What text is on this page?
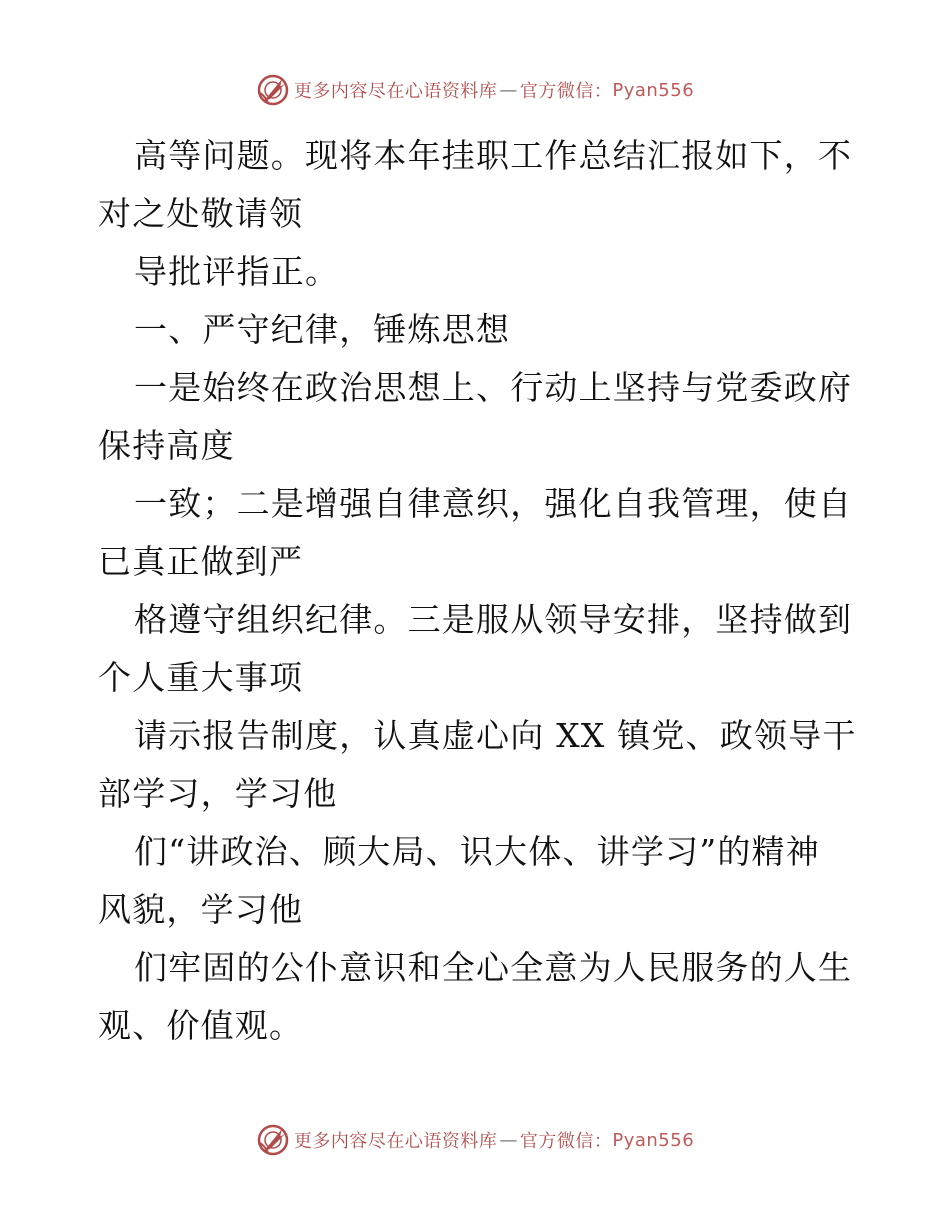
更多内容尽在心语资料库 — 官方微信： Pyan556

高等问题。现将本年挂职工作总结汇报如下，不
对之处敬请领

导批评指正。

一、严守纪律，锤炼思想

一是始终在政治思想上、行动上坚持与党委政府
保持高度

一致；二是增强自律意织，强化自我管理，使自
已真正做到严

格遵守组织纪律。三是服从领导安排，坚持做到
个人重大事项

请示报告制度，认真虚心向 XX 镇党、政领导干
部学习，学习他

们“讲政治、顾大局、识大体、讲学习”的精神
风貌，学习他

们牢固的公仆意识和全心全意为人民服务的人生
观、价值观。

更多内容尽在心语资料库 — 官方微信： Pyan556
